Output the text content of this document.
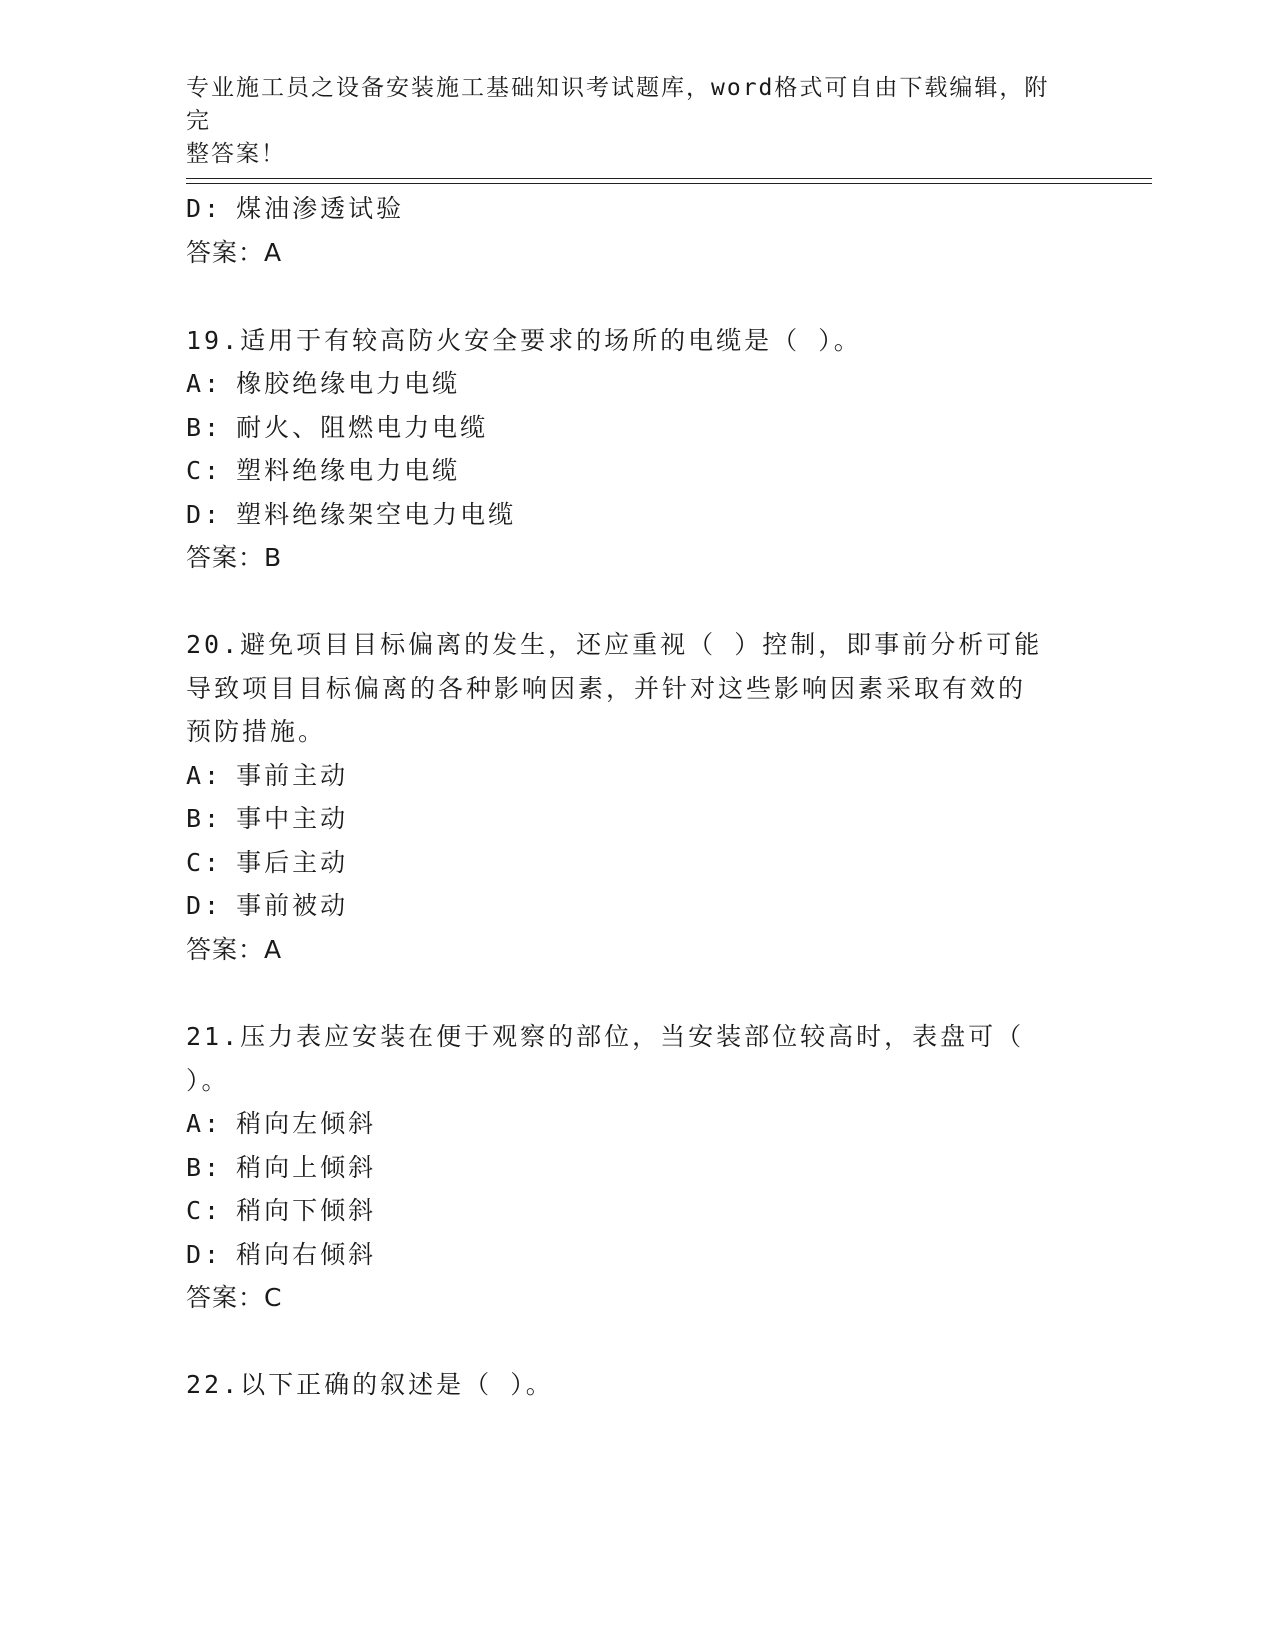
专业施工员之设备安装施工基础知识考试题库，word格式可自由下载编辑，附完
整答案！
D: 煤油渗透试验
答案：A
19.适用于有较高防火安全要求的场所的电缆是（ ）。
A: 橡胶绝缘电力电缆
B: 耐火、阻燃电力电缆
C: 塑料绝缘电力电缆
D: 塑料绝缘架空电力电缆
答案：B
20.避免项目目标偏离的发生，还应重视（ ）控制，即事前分析可能
导致项目目标偏离的各种影响因素，并针对这些影响因素采取有效的
预防措施。
A: 事前主动
B: 事中主动
C: 事后主动
D: 事前被动
答案：A
21.压力表应安装在便于观察的部位，当安装部位较高时，表盘可（
）。
A: 稍向左倾斜
B: 稍向上倾斜
C: 稍向下倾斜
D: 稍向右倾斜
答案：C
22.以下正确的叙述是（ ）。
